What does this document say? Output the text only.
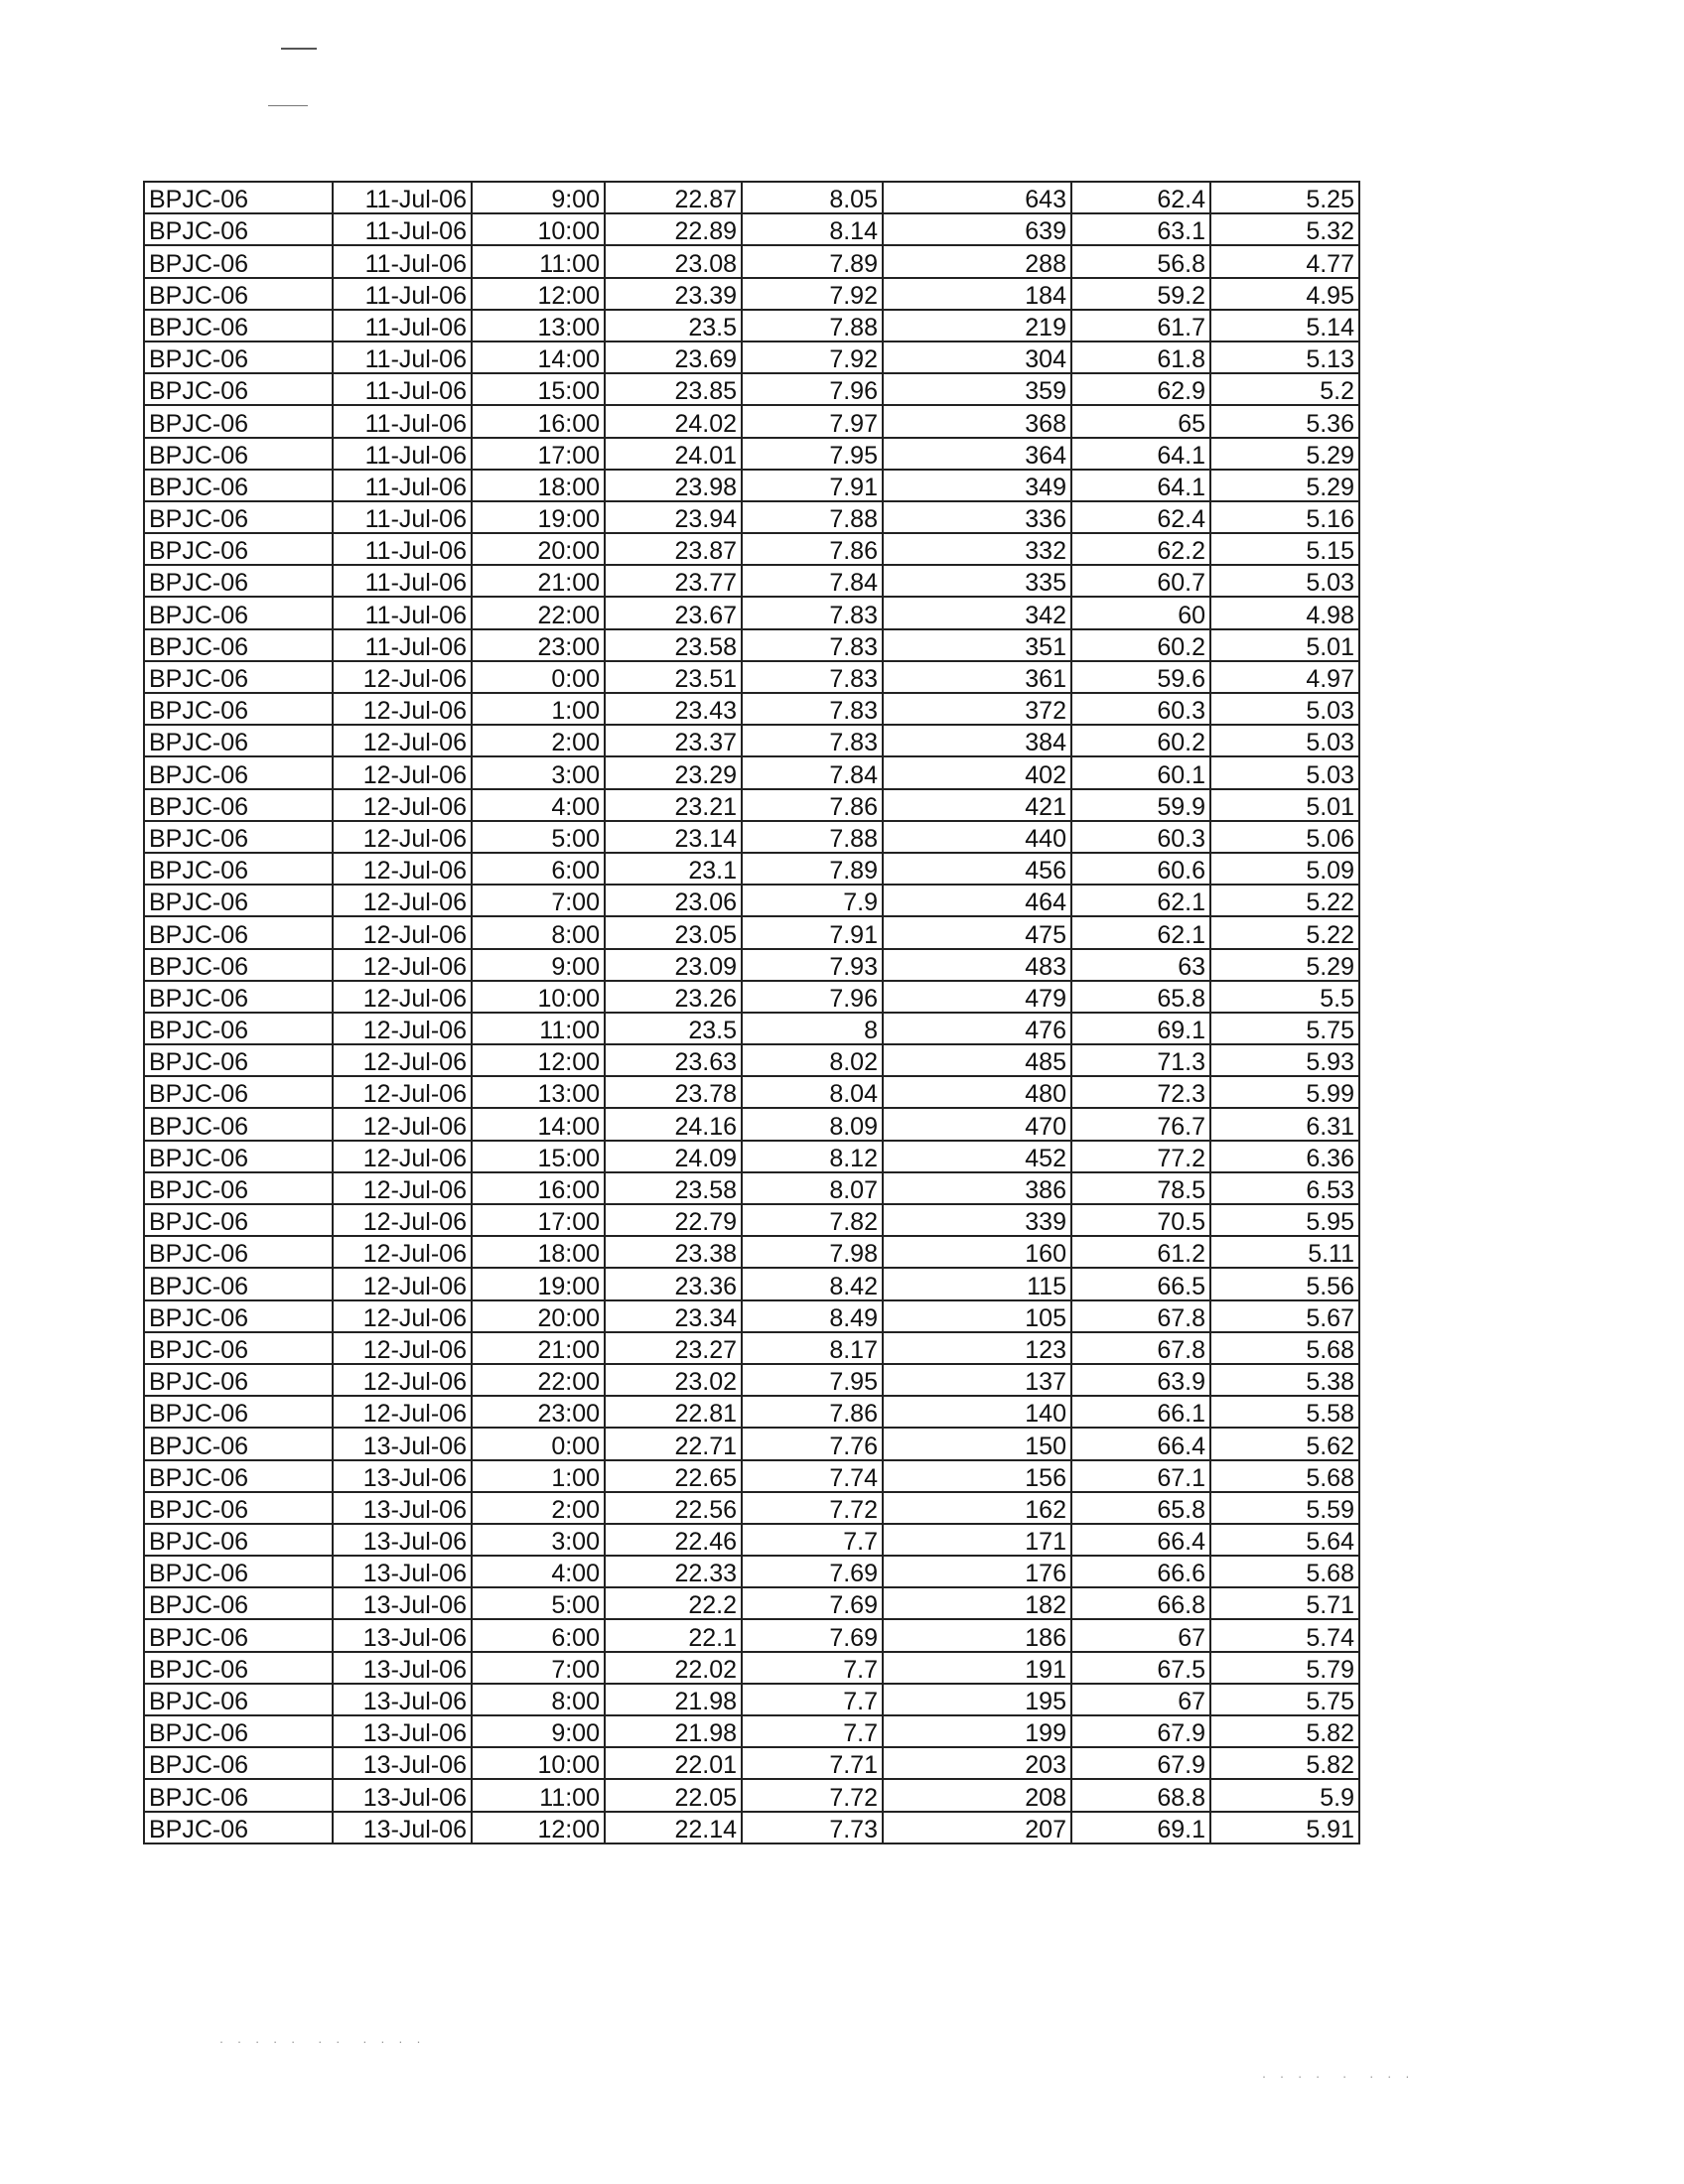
. . . . .  . .  . . . .
. . . .  .  . . .
BPJC-06	11-Jul-06	9:00	22.87	8.05	643	62.4	5.25
BPJC-06	11-Jul-06	10:00	22.89	8.14	639	63.1	5.32
BPJC-06	11-Jul-06	11:00	23.08	7.89	288	56.8	4.77
BPJC-06	11-Jul-06	12:00	23.39	7.92	184	59.2	4.95
BPJC-06	11-Jul-06	13:00	23.5	7.88	219	61.7	5.14
BPJC-06	11-Jul-06	14:00	23.69	7.92	304	61.8	5.13
BPJC-06	11-Jul-06	15:00	23.85	7.96	359	62.9	5.2
BPJC-06	11-Jul-06	16:00	24.02	7.97	368	65	5.36
BPJC-06	11-Jul-06	17:00	24.01	7.95	364	64.1	5.29
BPJC-06	11-Jul-06	18:00	23.98	7.91	349	64.1	5.29
BPJC-06	11-Jul-06	19:00	23.94	7.88	336	62.4	5.16
BPJC-06	11-Jul-06	20:00	23.87	7.86	332	62.2	5.15
BPJC-06	11-Jul-06	21:00	23.77	7.84	335	60.7	5.03
BPJC-06	11-Jul-06	22:00	23.67	7.83	342	60	4.98
BPJC-06	11-Jul-06	23:00	23.58	7.83	351	60.2	5.01
BPJC-06	12-Jul-06	0:00	23.51	7.83	361	59.6	4.97
BPJC-06	12-Jul-06	1:00	23.43	7.83	372	60.3	5.03
BPJC-06	12-Jul-06	2:00	23.37	7.83	384	60.2	5.03
BPJC-06	12-Jul-06	3:00	23.29	7.84	402	60.1	5.03
BPJC-06	12-Jul-06	4:00	23.21	7.86	421	59.9	5.01
BPJC-06	12-Jul-06	5:00	23.14	7.88	440	60.3	5.06
BPJC-06	12-Jul-06	6:00	23.1	7.89	456	60.6	5.09
BPJC-06	12-Jul-06	7:00	23.06	7.9	464	62.1	5.22
BPJC-06	12-Jul-06	8:00	23.05	7.91	475	62.1	5.22
BPJC-06	12-Jul-06	9:00	23.09	7.93	483	63	5.29
BPJC-06	12-Jul-06	10:00	23.26	7.96	479	65.8	5.5
BPJC-06	12-Jul-06	11:00	23.5	8	476	69.1	5.75
BPJC-06	12-Jul-06	12:00	23.63	8.02	485	71.3	5.93
BPJC-06	12-Jul-06	13:00	23.78	8.04	480	72.3	5.99
BPJC-06	12-Jul-06	14:00	24.16	8.09	470	76.7	6.31
BPJC-06	12-Jul-06	15:00	24.09	8.12	452	77.2	6.36
BPJC-06	12-Jul-06	16:00	23.58	8.07	386	78.5	6.53
BPJC-06	12-Jul-06	17:00	22.79	7.82	339	70.5	5.95
BPJC-06	12-Jul-06	18:00	23.38	7.98	160	61.2	5.11
BPJC-06	12-Jul-06	19:00	23.36	8.42	115	66.5	5.56
BPJC-06	12-Jul-06	20:00	23.34	8.49	105	67.8	5.67
BPJC-06	12-Jul-06	21:00	23.27	8.17	123	67.8	5.68
BPJC-06	12-Jul-06	22:00	23.02	7.95	137	63.9	5.38
BPJC-06	12-Jul-06	23:00	22.81	7.86	140	66.1	5.58
BPJC-06	13-Jul-06	0:00	22.71	7.76	150	66.4	5.62
BPJC-06	13-Jul-06	1:00	22.65	7.74	156	67.1	5.68
BPJC-06	13-Jul-06	2:00	22.56	7.72	162	65.8	5.59
BPJC-06	13-Jul-06	3:00	22.46	7.7	171	66.4	5.64
BPJC-06	13-Jul-06	4:00	22.33	7.69	176	66.6	5.68
BPJC-06	13-Jul-06	5:00	22.2	7.69	182	66.8	5.71
BPJC-06	13-Jul-06	6:00	22.1	7.69	186	67	5.74
BPJC-06	13-Jul-06	7:00	22.02	7.7	191	67.5	5.79
BPJC-06	13-Jul-06	8:00	21.98	7.7	195	67	5.75
BPJC-06	13-Jul-06	9:00	21.98	7.7	199	67.9	5.82
BPJC-06	13-Jul-06	10:00	22.01	7.71	203	67.9	5.82
BPJC-06	13-Jul-06	11:00	22.05	7.72	208	68.8	5.9
BPJC-06	13-Jul-06	12:00	22.14	7.73	207	69.1	5.91
